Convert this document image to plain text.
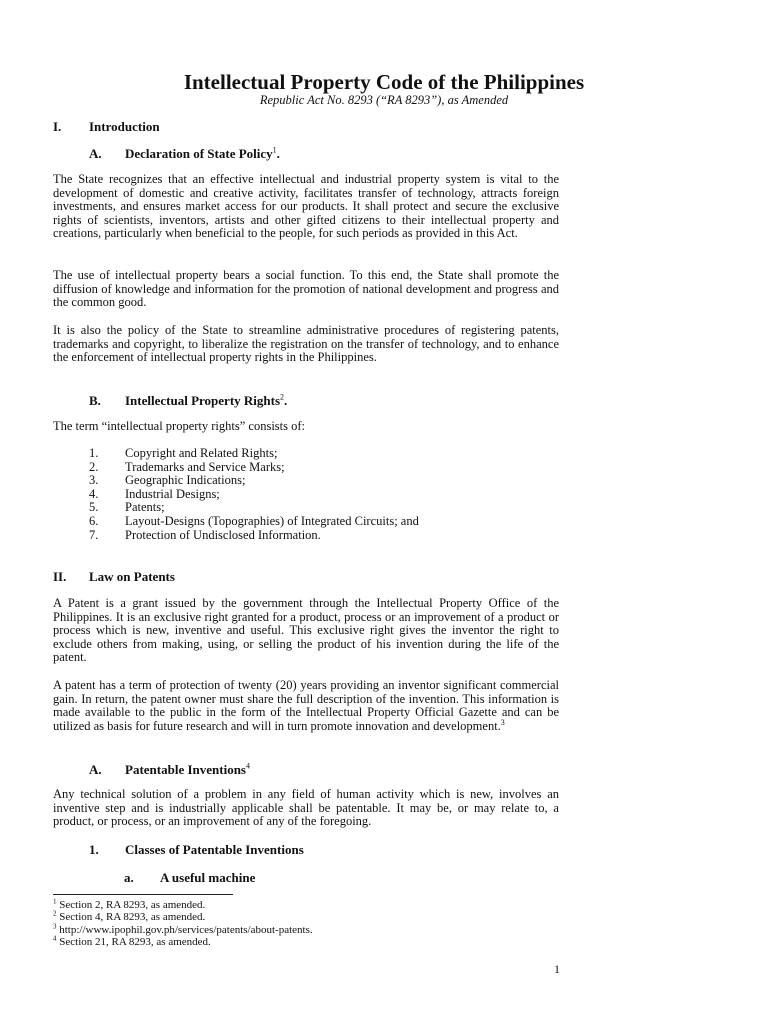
Intellectual Property Code of the Philippines
Republic Act No. 8293 (“RA 8293”), as Amended
I. Introduction
A. Declaration of State Policy$^1$.
The State recognizes that an effective intellectual and industrial property system is vital to the development of domestic and creative activity, facilitates transfer of technology, attracts foreign investments, and ensures market access for our products. It shall protect and secure the exclusive rights of scientists, inventors, artists and other gifted citizens to their intellectual property and creations, particularly when beneficial to the people, for such periods as provided in this Act.
The use of intellectual property bears a social function. To this end, the State shall promote the diffusion of knowledge and information for the promotion of national development and progress and the common good.
It is also the policy of the State to streamline administrative procedures of registering patents, trademarks and copyright, to liberalize the registration on the transfer of technology, and to enhance the enforcement of intellectual property rights in the Philippines.
B. Intellectual Property Rights$^2$.
The term “intellectual property rights” consists of:
1.	Copyright and Related Rights;
2.	Trademarks and Service Marks;
3.	Geographic Indications;
4.	Industrial Designs;
5.	Patents;
6.	Layout-Designs (Topographies) of Integrated Circuits; and
7.	Protection of Undisclosed Information.
II. Law on Patents
A Patent is a grant issued by the government through the Intellectual Property Office of the Philippines. It is an exclusive right granted for a product, process or an improvement of a product or process which is new, inventive and useful. This exclusive right gives the inventor the right to exclude others from making, using, or selling the product of his invention during the life of the patent.
A patent has a term of protection of twenty (20) years providing an inventor significant commercial gain. In return, the patent owner must share the full description of the invention. This information is made available to the public in the form of the Intellectual Property Official Gazette and can be utilized as basis for future research and will in turn promote innovation and development.$^3$
A. Patentable Inventions$^4$
Any technical solution of a problem in any field of human activity which is new, involves an inventive step and is industrially applicable shall be patentable. It may be, or may relate to, a product, or process, or an improvement of any of the foregoing.
1. Classes of Patentable Inventions
a. A useful machine
$^1$ Section 2, RA 8293, as amended.
$^2$ Section 4, RA 8293, as amended.
$^3$ http://www.ipophil.gov.ph/services/patents/about-patents.
$^4$ Section 21, RA 8293, as amended.
1
